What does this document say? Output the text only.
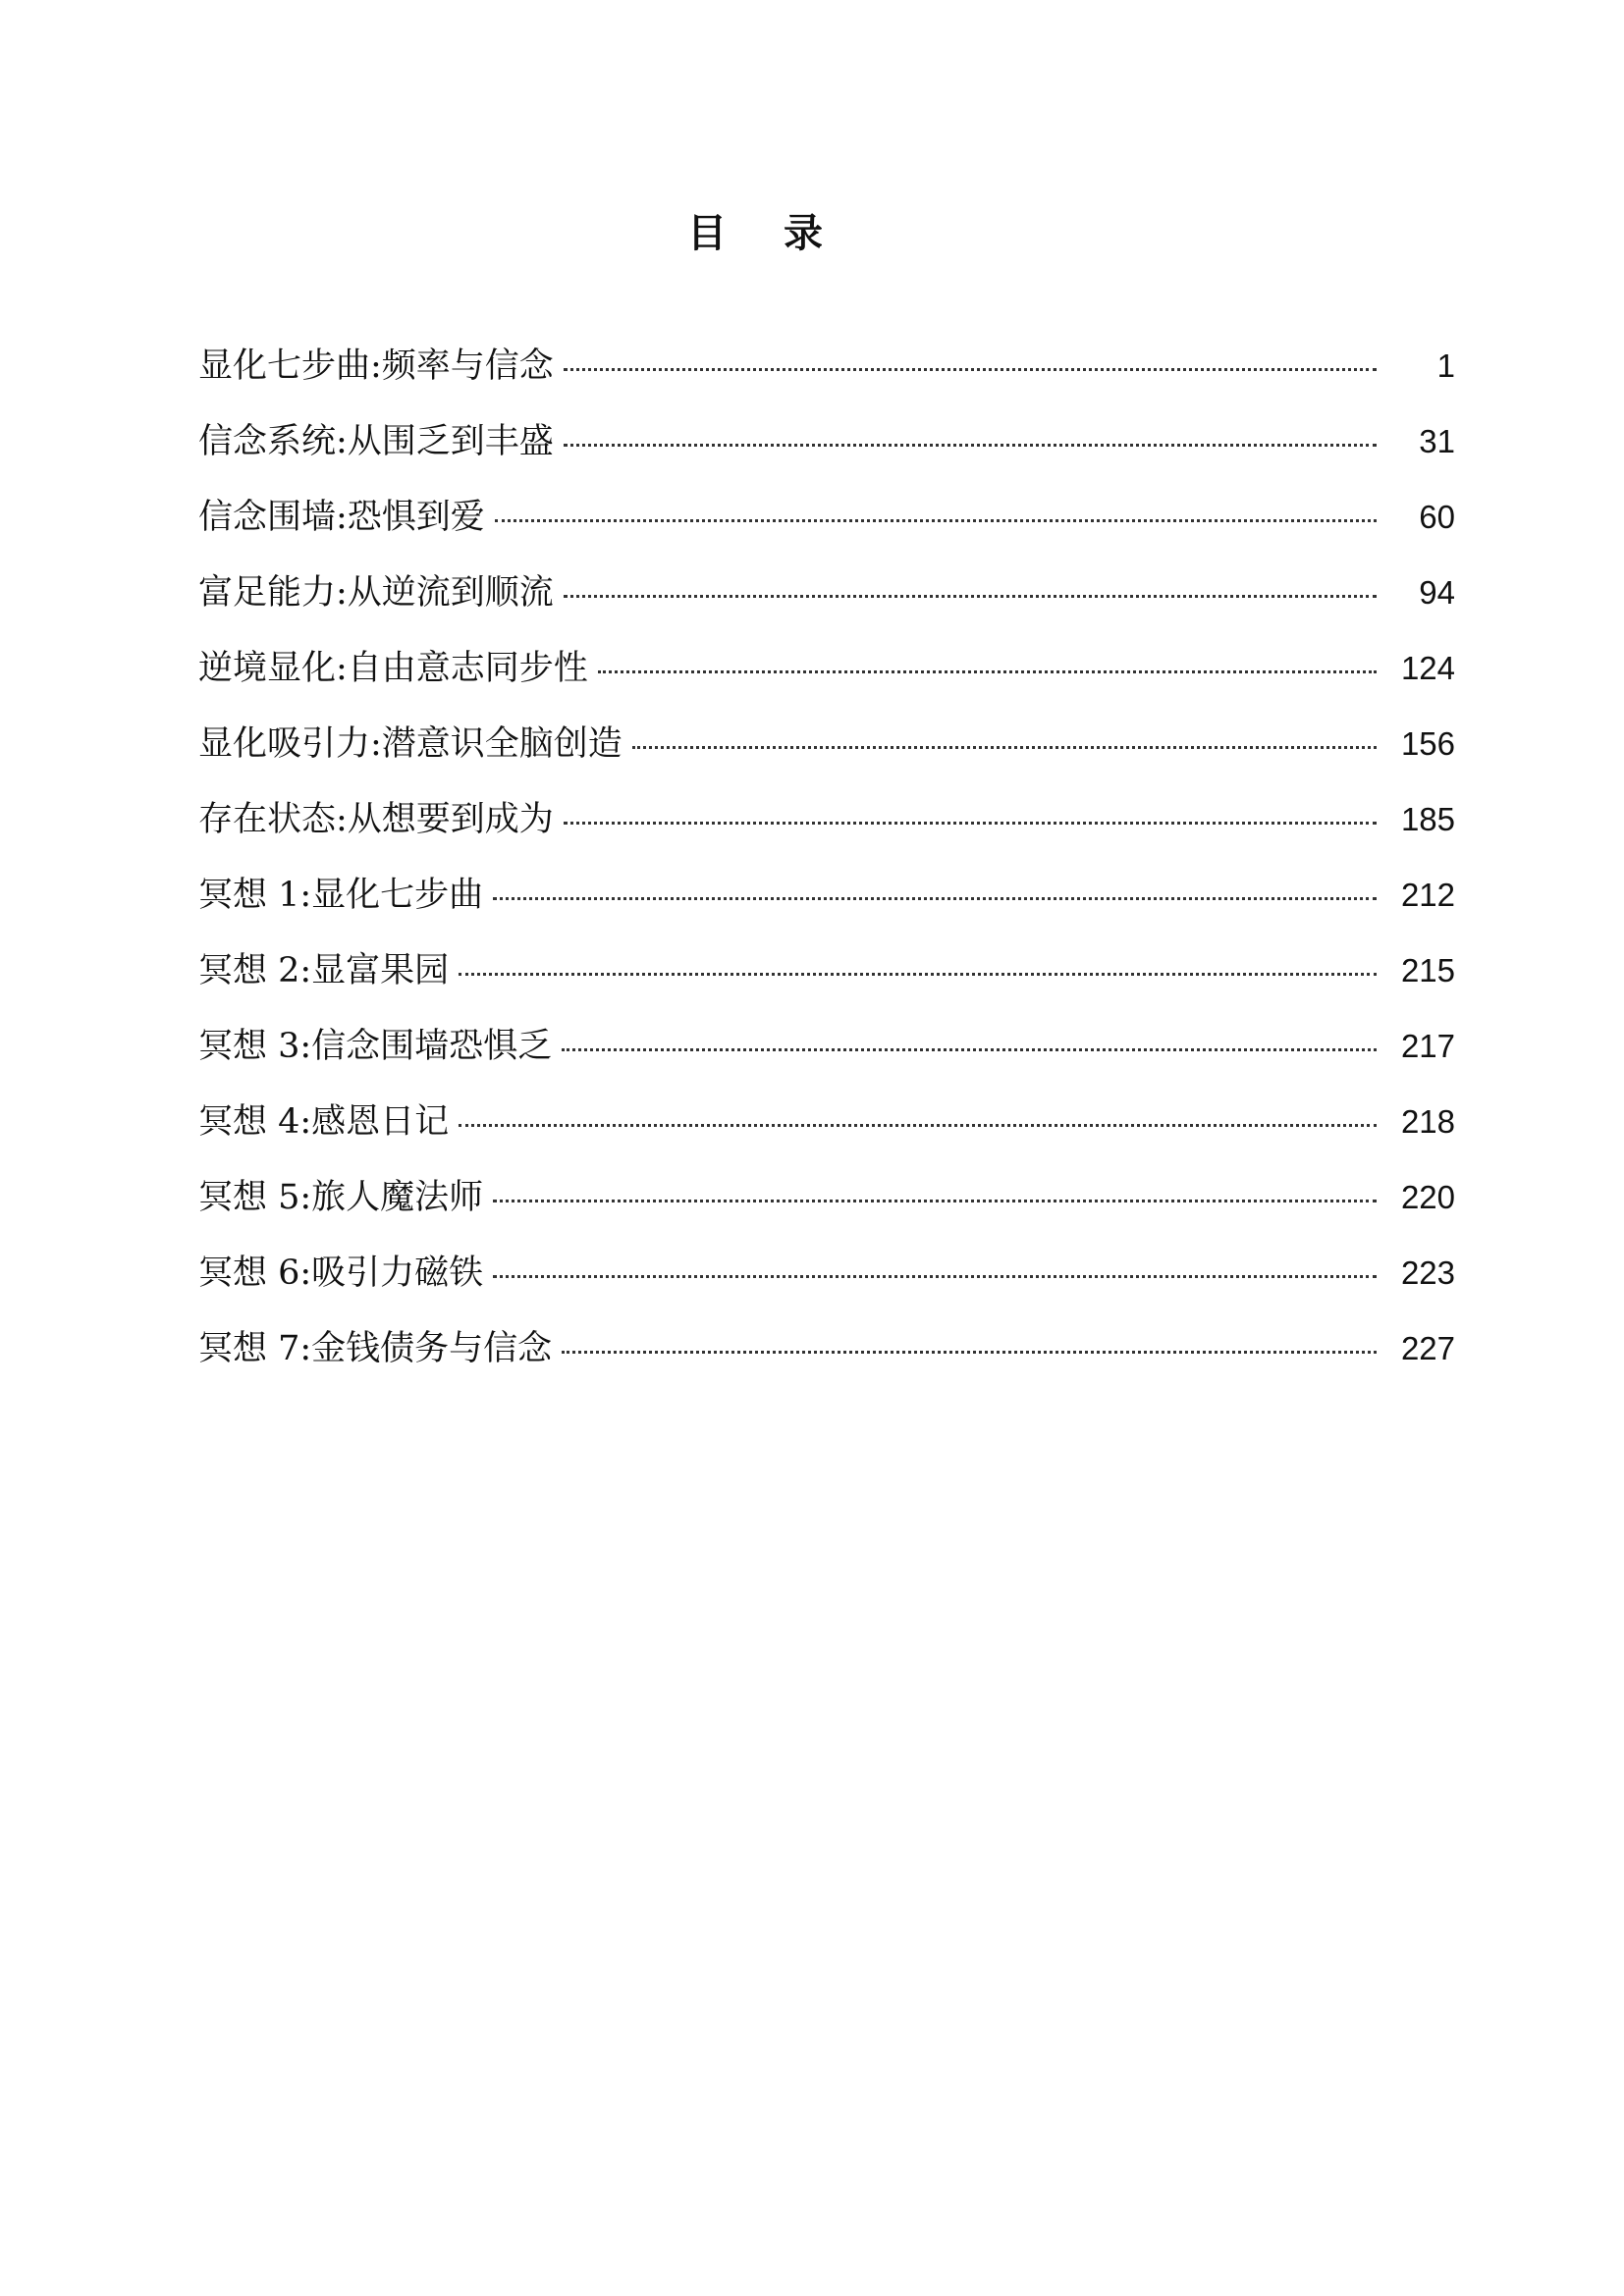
目 录
显化七步曲:频率与信念	1
信念系统:从围乏到丰盛	31
信念围墙:恐惧到爱	60
富足能力:从逆流到顺流	94
逆境显化:自由意志同步性	124
显化吸引力:潜意识全脑创造	156
存在状态:从想要到成为	185
冥想 1:显化七步曲	212
冥想 2:显富果园	215
冥想 3:信念围墙恐惧乏	217
冥想 4:感恩日记	218
冥想 5:旅人魔法师	220
冥想 6:吸引力磁铁	223
冥想 7:金钱债务与信念	227
